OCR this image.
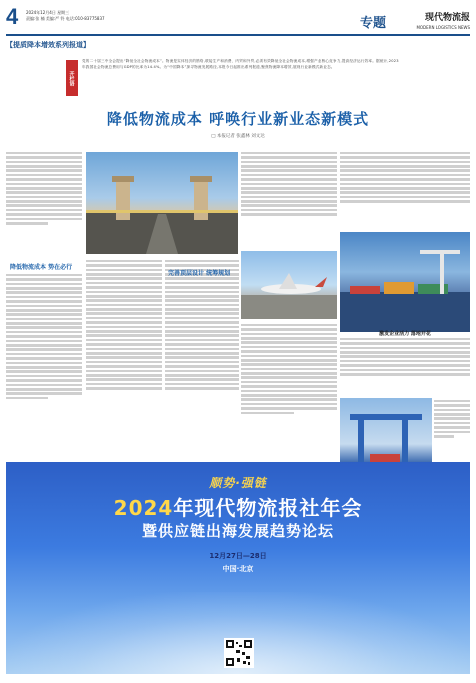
4 2024年12月4日 星期三
责编:张 楠 美编:严 铃 电话:010-83775837	专题	现代物流报
MODERN LOGISTICS NEWS
【提质降本增效系列报道】
开栏语
党的二十届三中全会提出“降低全社会物流成本”。物流是实体经济的筋络,联接生产和消费、内贸和外贸,必须有效降低全社会物流成本,增强产业核心竞争力,提高经济运行效率。据统计,2023年我国社会物流总费用与GDP的比率为14.4%。为“中国降本”探寻物流发展路径,本报今日起推出系列报道,聚焦物流降本增效,展现行业新模式新业态。
降低物流成本 呼唤行业新业态新模式
□ 本报记者 张鑫林 刘文达
降低物流成本 势在必行
完善顶层设计 统筹规划
激发企业活力 落地开花
顺势·强链
2024年现代物流报社年会
暨供应链出海发展趋势论坛
12月27日—28日
中国·北京
